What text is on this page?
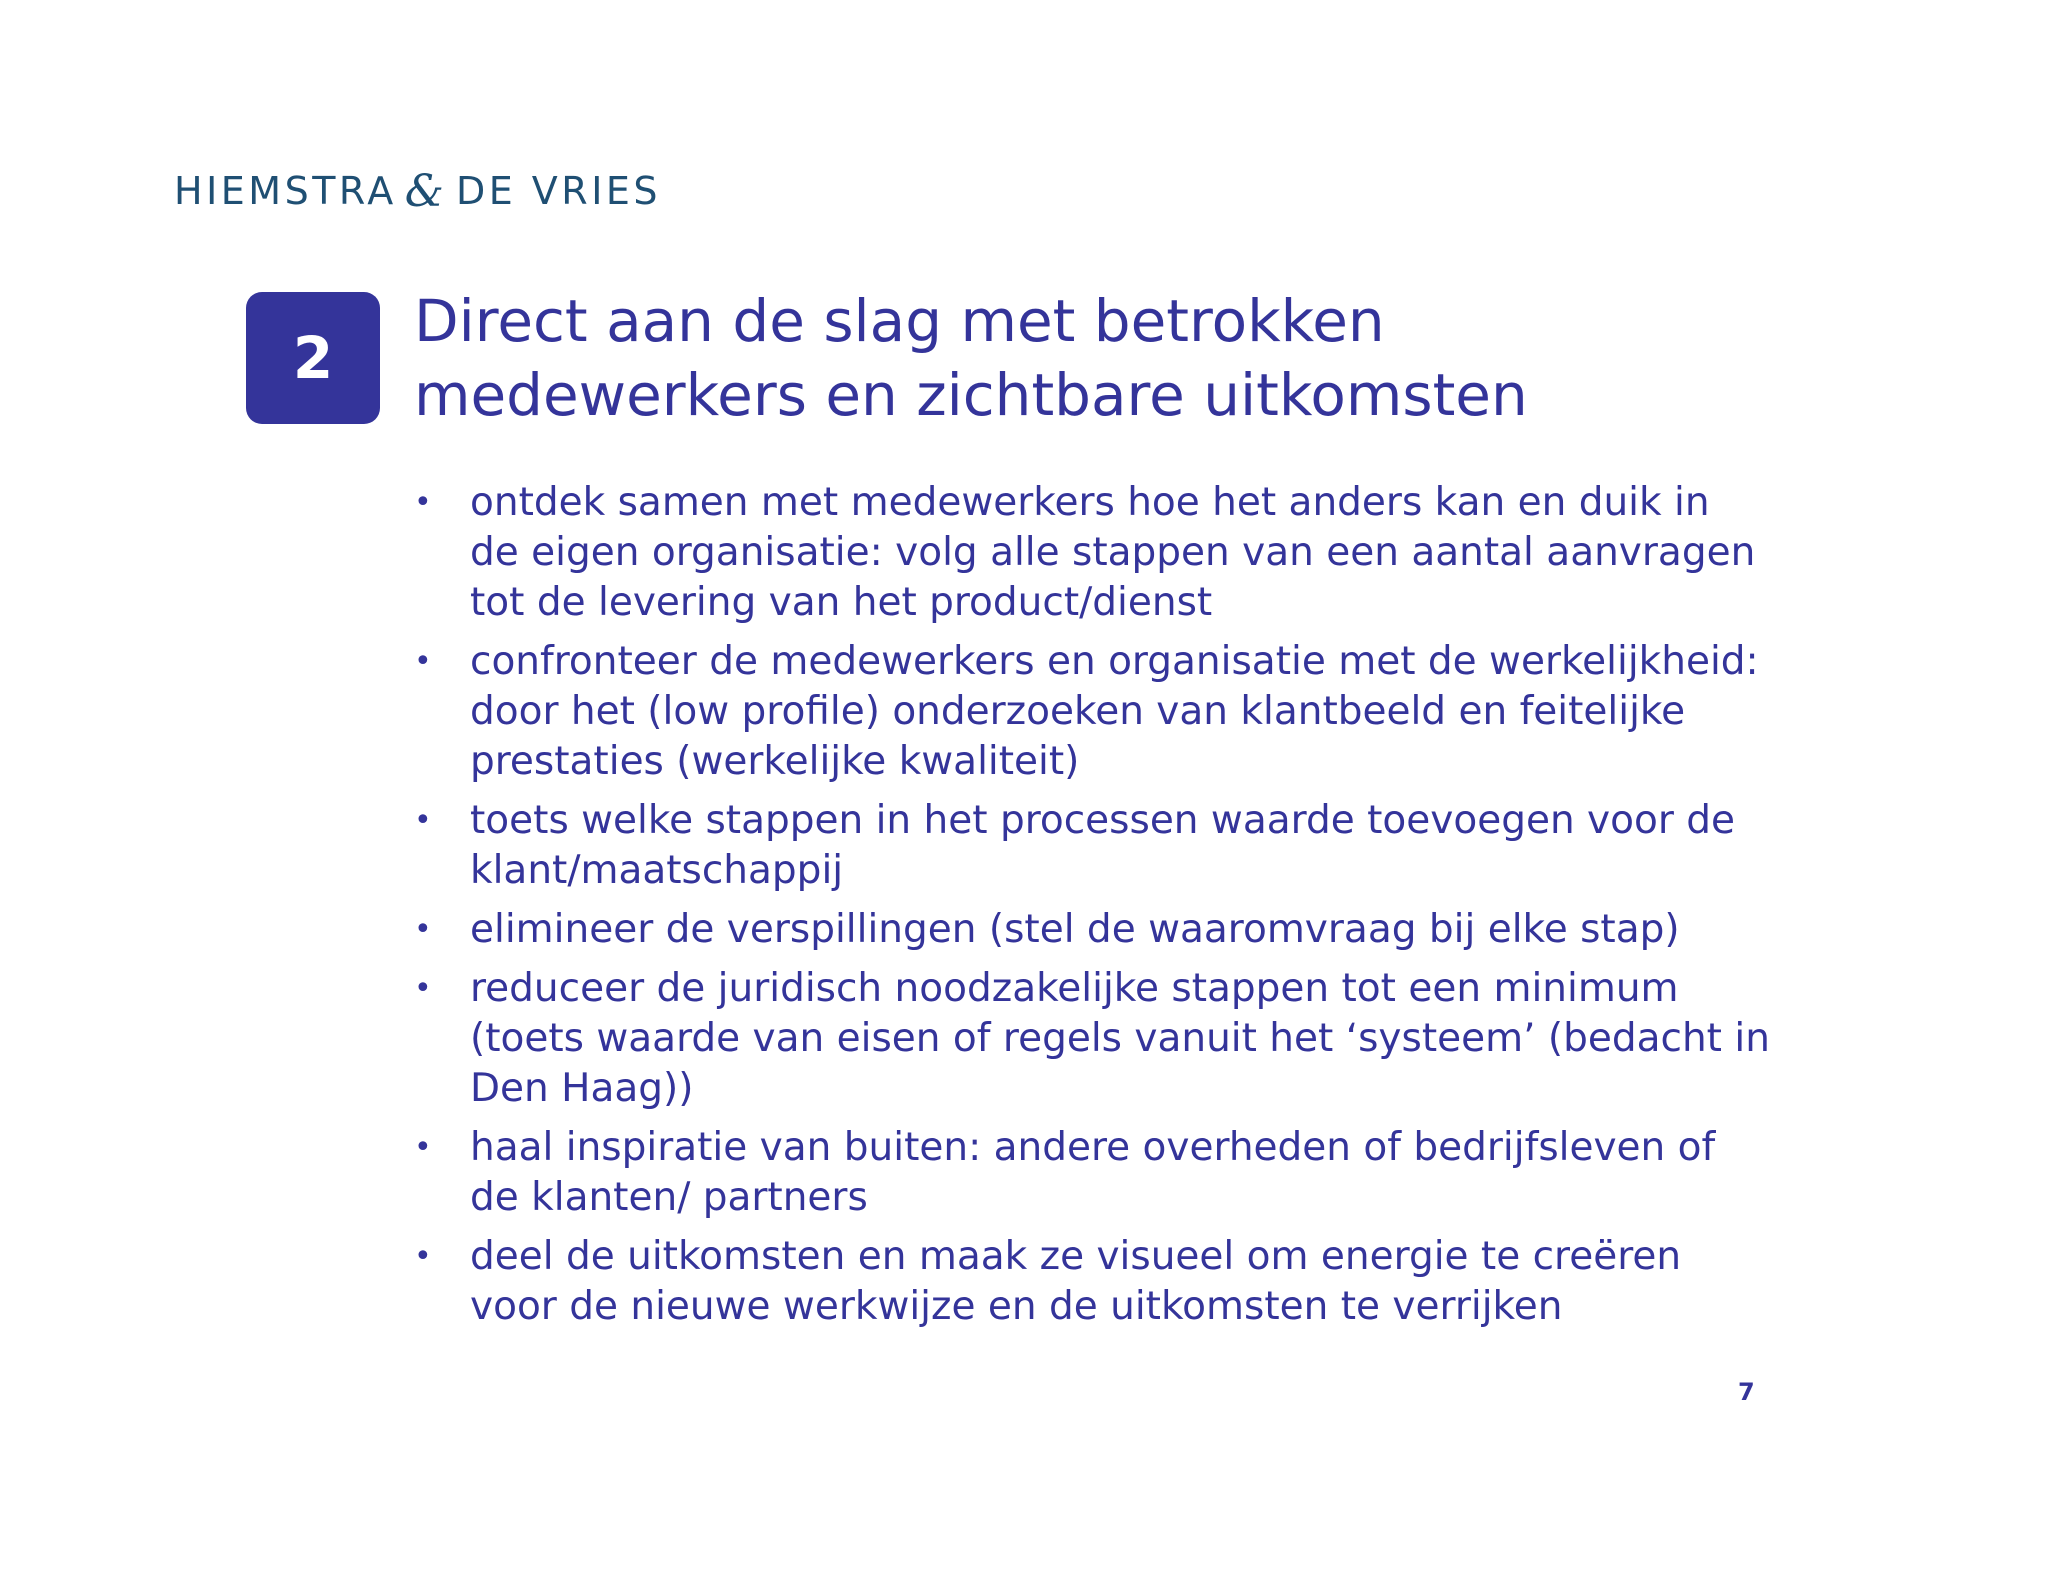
HIEMSTRA & DE VRIES
2
Direct aan de slag met betrokken
medewerkers en zichtbare uitkomsten
• ontdek samen met medewerkers hoe het anders kan en duik in de eigen organisatie: volg alle stappen van een aantal aanvragen tot de levering van het product/dienst
• confronteer de medewerkers en organisatie met de werkelijkheid: door het (low profile) onderzoeken van klantbeeld en feitelijke prestaties (werkelijke kwaliteit)
• toets welke stappen in het processen waarde toevoegen voor de klant/maatschappij
• elimineer de verspillingen (stel de waaromvraag bij elke stap)
• reduceer de juridisch noodzakelijke stappen tot een minimum (toets waarde van eisen of regels vanuit het ‘systeem’ (bedacht in Den Haag))
• haal inspiratie van buiten: andere overheden of bedrijfsleven of de klanten/ partners
• deel de uitkomsten en maak ze visueel om energie te creëren voor de nieuwe werkwijze en de uitkomsten te verrijken
7
